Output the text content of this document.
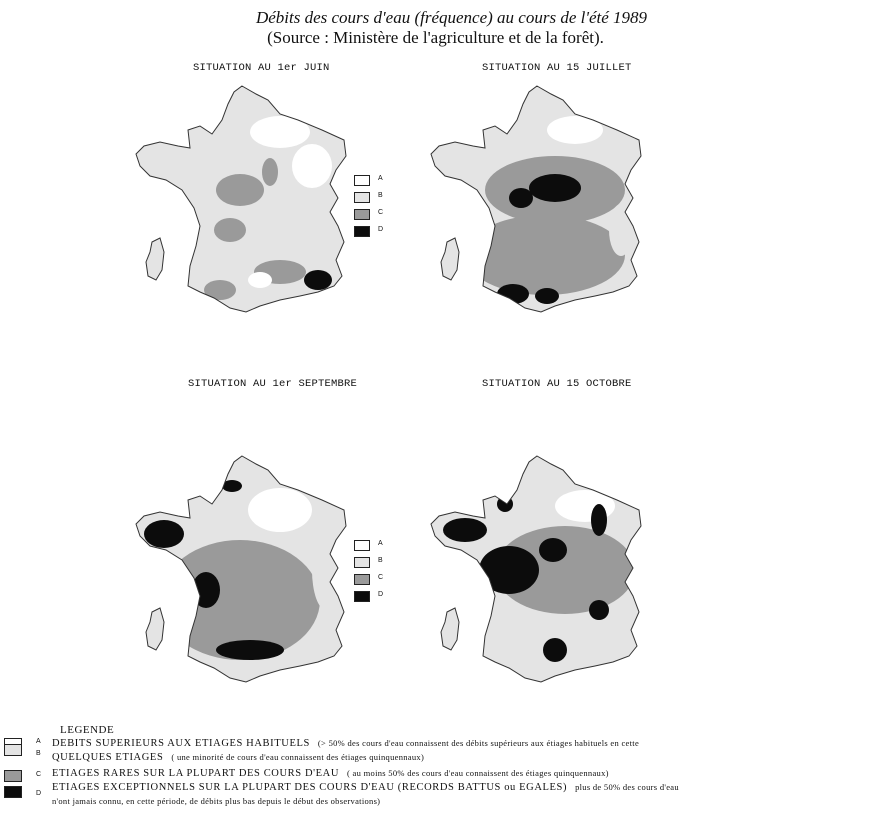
Débits des cours d'eau (fréquence) au cours de l'été 1989
(Source : Ministère de l'agriculture et de la forêt).
SITUATION AU 1er JUIN	SITUATION AU 15 JUILLET
SITUATION AU 1er SEPTEMBRE	SITUATION AU 15 OCTOBRE
A
B
C
D
A
B
C
D
LEGENDE
A DEBITS SUPERIEURS AUX ETIAGES HABITUELS (> 50% des cours d'eau connaissent des débits supérieurs aux étiages habituels en cette
B QUELQUES ETIAGES ( une minorité de cours d'eau connaissent des étiages quinquennaux)
C ETIAGES RARES SUR LA PLUPART DES COURS D'EAU ( au moins 50% des cours d'eau connaissent des étiages quinquennaux)
D
ETIAGES EXCEPTIONNELS SUR LA PLUPART DES COURS D'EAU (RECORDS BATTUS ou EGALES) plus de 50% des cours d'eau
n'ont jamais connu, en cette période, de débits plus bas depuis le début des observations)
